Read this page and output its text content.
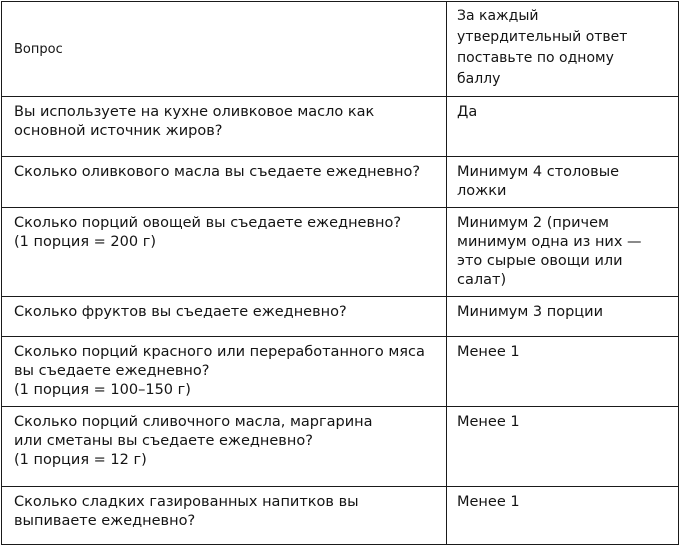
Вопрос	За каждый
утвердительный ответ
поставьте по одному
баллу

Вы используете на кухне оливковое масло как
основной источник жиров?	Да

Сколько оливкового масла вы съедаете ежедневно?	Минимум 4 столовые
ложки

Сколько порций овощей вы съедаете ежедневно?
(1 порция = 200 г)	Минимум 2 (причем
минимум одна из них —
это сырые овощи или
салат)

Сколько фруктов вы съедаете ежедневно?	Минимум 3 порции

Сколько порций красного или переработанного мяса
вы съедаете ежедневно?
(1 порция = 100–150 г)	Менее 1

Сколько порций сливочного масла, маргарина
или сметаны вы съедаете ежедневно?
(1 порция = 12 г)	Менее 1

Сколько сладких газированных напитков вы
выпиваете ежедневно?	Менее 1
